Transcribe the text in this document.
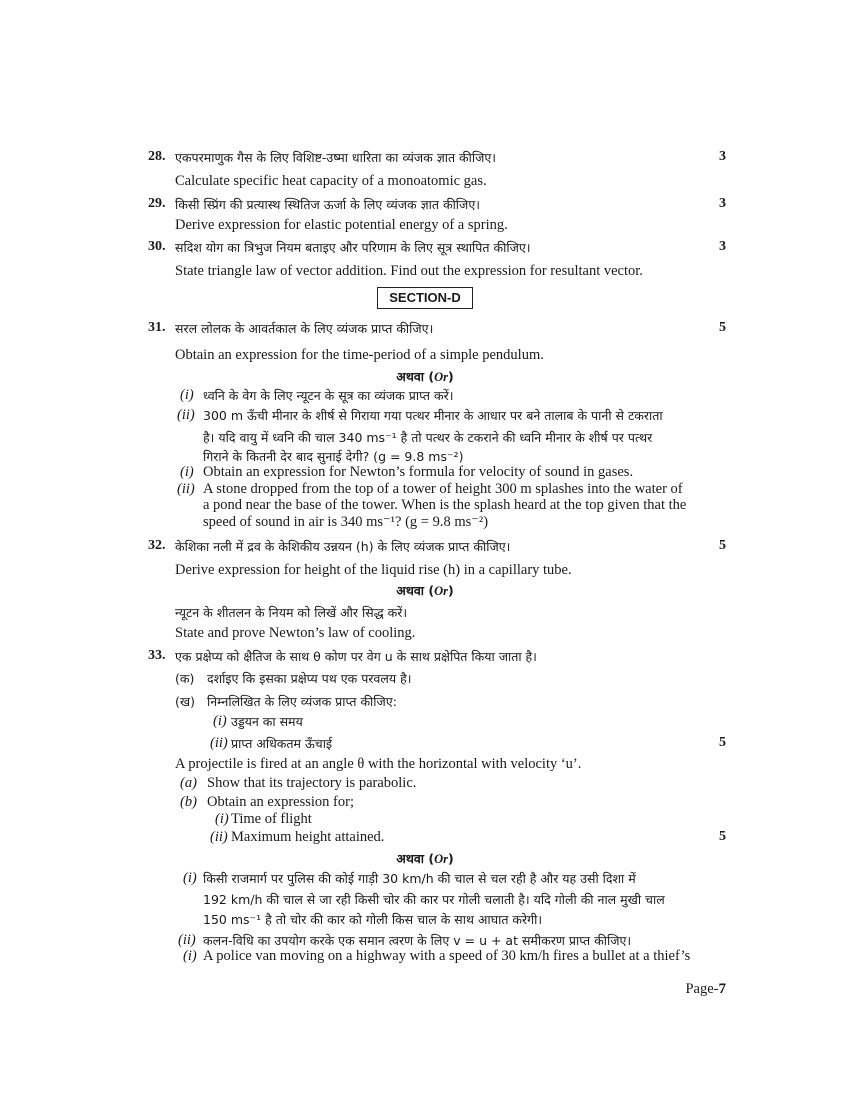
28. एकपरमाणुक गैस के लिए विशिष्ट-उष्मा धारिता का व्यंजक ज्ञात कीजिए।	3
Calculate specific heat capacity of a monoatomic gas.
29. किसी स्प्रिंग की प्रत्यास्थ स्थितिज ऊर्जा के लिए व्यंजक ज्ञात कीजिए।	3
Derive expression for elastic potential energy of a spring.
30. सदिश योग का त्रिभुज नियम बताइए और परिणाम के लिए सूत्र स्थापित कीजिए।	3
State triangle law of vector addition. Find out the expression for resultant vector.
SECTION-D
31. सरल लोलक के आवर्तकाल के लिए व्यंजक प्राप्त कीजिए।	5
Obtain an expression for the time-period of a simple pendulum.
अथवा (Or)
(i) ध्वनि के वेग के लिए न्यूटन के सूत्र का व्यंजक प्राप्त करें।
(ii) 300 m ऊँची मीनार के शीर्ष से गिराया गया पत्थर मीनार के आधार पर बने तालाब के पानी से टकराता
है। यदि वायु में ध्वनि की चाल 340 ms⁻¹ है तो पत्थर के टकराने की ध्वनि मीनार के शीर्ष पर पत्थर
गिराने के कितनी देर बाद सुनाई देगी? (g = 9.8 ms⁻²)
(i) Obtain an expression for Newton’s formula for velocity of sound in gases.
(ii) A stone dropped from the top of a tower of height 300 m splashes into the water of
a pond near the base of the tower. When is the splash heard at the top given that the
speed of sound in air is 340 ms⁻¹? (g = 9.8 ms⁻²)
32. केशिका नली में द्रव के केशिकीय उन्नयन (h) के लिए व्यंजक प्राप्त कीजिए।	5
Derive expression for height of the liquid rise (h) in a capillary tube.
अथवा (Or)
न्यूटन के शीतलन के नियम को लिखें और सिद्ध करें।
State and prove Newton’s law of cooling.
33. एक प्रक्षेप्य को क्षैतिज के साथ θ कोण पर वेग u के साथ प्रक्षेपित किया जाता है।
(क) दर्शाइए कि इसका प्रक्षेप्य पथ एक परवलय है।
(ख) निम्नलिखित के लिए व्यंजक प्राप्त कीजिए:
(i) उड्डयन का समय
(ii) प्राप्त अधिकतम ऊँचाई	5
A projectile is fired at an angle θ with the horizontal with velocity ‘u’.
(a) Show that its trajectory is parabolic.
(b) Obtain an expression for;
(i) Time of flight
(ii) Maximum height attained.	5
अथवा (Or)
(i) किसी राजमार्ग पर पुलिस की कोई गाड़ी 30 km/h की चाल से चल रही है और यह उसी दिशा में
192 km/h की चाल से जा रही किसी चोर की कार पर गोली चलाती है। यदि गोली की नाल मुखी चाल
150 ms⁻¹ है तो चोर की कार को गोली किस चाल के साथ आघात करेगी।
(ii) कलन-विधि का उपयोग करके एक समान त्वरण के लिए v = u + at समीकरण प्राप्त कीजिए।
(i) A police van moving on a highway with a speed of 30 km/h fires a bullet at a thief’s
Page-7
